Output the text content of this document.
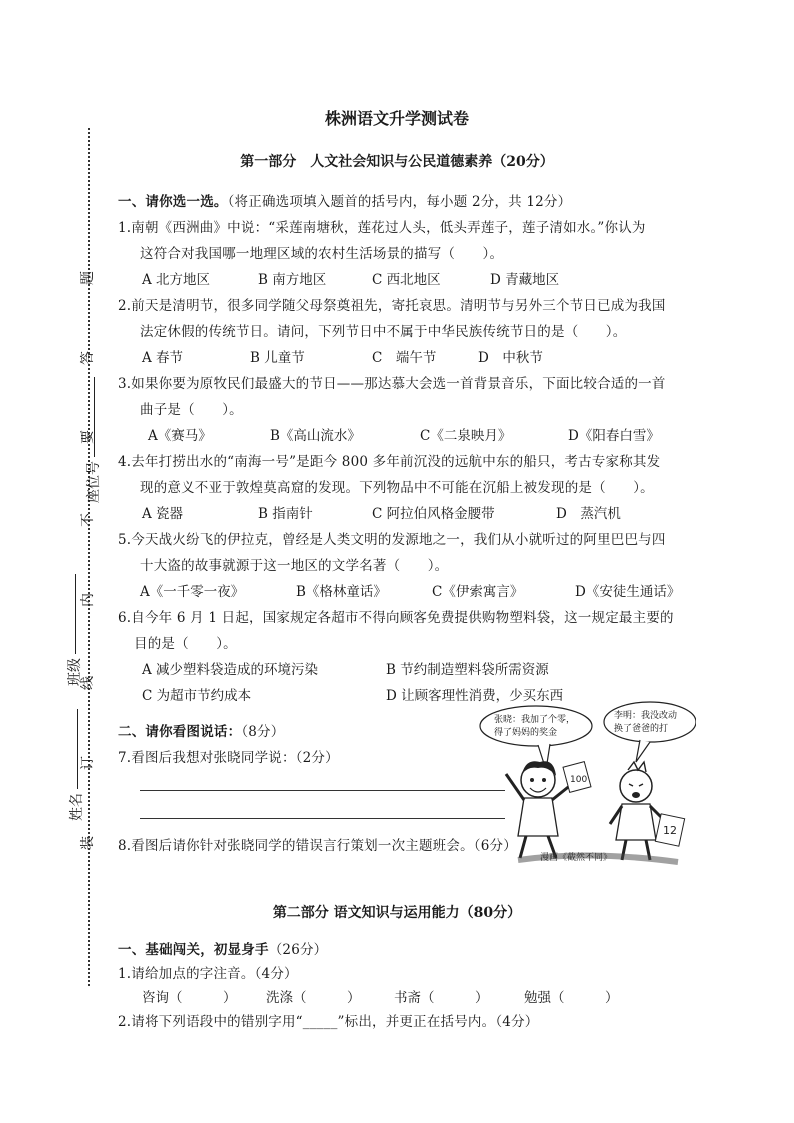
座位号
班级
姓名
题
答
要
不
内
线
订
装
株洲语文升学测试卷
第一部分　人文社会知识与公民道德素养（20分）
一、请你选一选。（将正确选项填入题首的括号内，每小题 2分，共 12分）
1.南朝《西洲曲》中说：“采莲南塘秋，莲花过人头，低头弄莲子，莲子清如水。”你认为
这符合对我国哪一地理区域的农村生活场景的描写（　　）。
A 北方地区	B 南方地区	C 西北地区	D 青藏地区
2.前天是清明节，很多同学随父母祭奠祖先，寄托哀思。清明节与另外三个节日已成为我国
法定休假的传统节日。请问，下列节日中不属于中华民族传统节日的是（　　）。
A 春节	B 儿童节	C　端午节	D　中秋节
3.如果你要为原牧民们最盛大的节日——那达慕大会选一首背景音乐，下面比较合适的一首
曲子是（　　）。
A《赛马》	B《高山流水》	C《二泉映月》	D《阳春白雪》
4.去年打捞出水的“南海一号”是距今 800 多年前沉没的远航中东的船只，考古专家称其发
现的意义不亚于敦煌莫高窟的发现。下列物品中不可能在沉船上被发现的是（　　）。
A 瓷器	B 指南针	C 阿拉伯风格金腰带	D　蒸汽机
5.今天战火纷飞的伊拉克，曾经是人类文明的发源地之一，我们从小就听过的阿里巴巴与四
十大盗的故事就源于这一地区的文学名著（　　）。
A《一千零一夜》	B《格林童话》	C《伊索寓言》	D《安徒生通话》
6.自今年 6 月 1 日起，国家规定各超市不得向顾客免费提供购物塑料袋，这一规定最主要的
目的是（　　）。
A 减少塑料袋造成的环境污染	B 节约制造塑料袋所需资源
C 为超市节约成本	D 让顾客理性消费，少买东西
二、请你看图说话：（8分）
7.看图后我想对张晓同学说：（2分）
8.看图后请你针对张晓同学的错误言行策划一次主题班会。（6分）
张晓：我加了个零，
得了妈妈的奖金
李明：我没改动
换了爸爸的打
100
12
漫画《截然不同》
第二部分 语文知识与运用能力（80分）
一、基础闯关，初显身手（26分）
1.请给加点的字注音。（4分）
咨询（　　　） 洗涤（　　　） 书斋（　　　）	勉强（　　　）
2.请将下列语段中的错别字用“_____”标出，并更正在括号内。（4分）
